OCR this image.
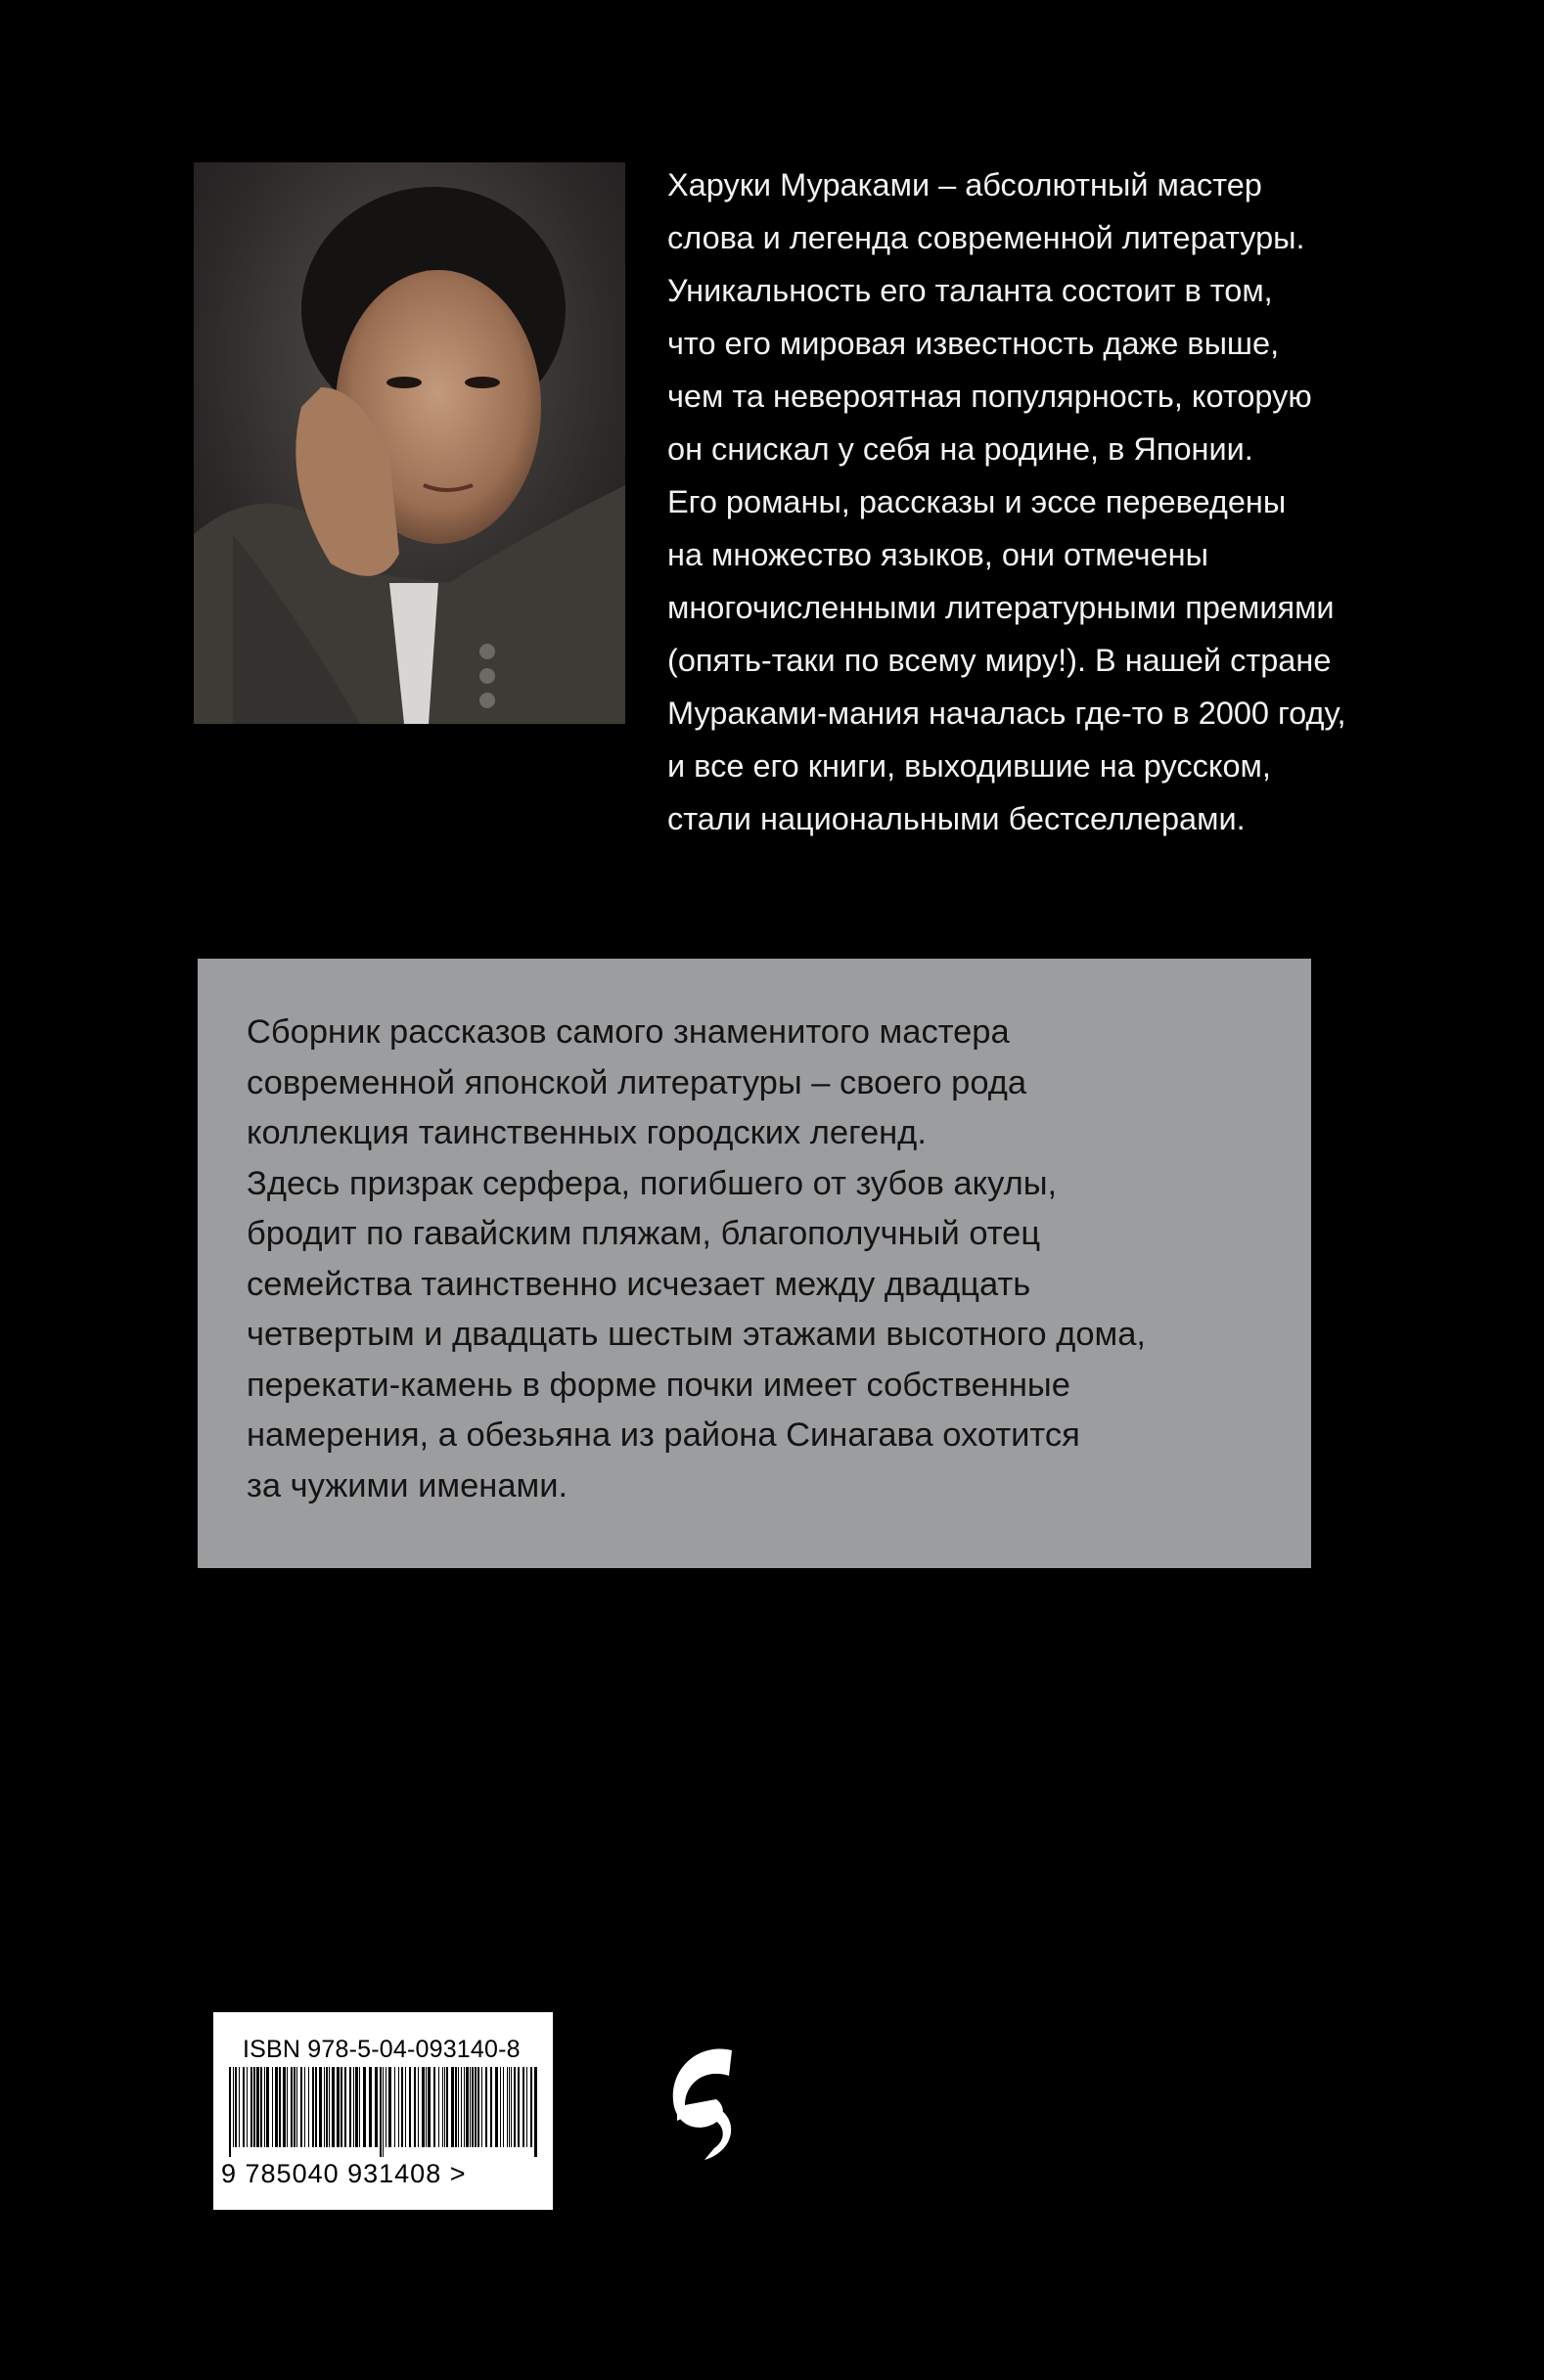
Харуки Мураками – абсолютный мастер
слова и легенда современной литературы.
Уникальность его таланта состоит в том,
что его мировая известность даже выше,
чем та невероятная популярность, которую
он снискал у себя на родине, в Японии.
Его романы, рассказы и эссе переведены
на множество языков, они отмечены
многочисленными литературными премиями
(опять-таки по всему миру!). В нашей стране
Мураками-мания началась где-то в 2000 году,
и все его книги, выходившие на русском,
стали национальными бестселлерами.
Сборник рассказов самого знаменитого мастера
современной японской литературы – своего рода
коллекция таинственных городских легенд.
Здесь призрак серфера, погибшего от зубов акулы,
бродит по гавайским пляжам, благополучный отец
семейства таинственно исчезает между двадцать
четвертым и двадцать шестым этажами высотного дома,
перекати-камень в форме почки имеет собственные
намерения, а обезьяна из района Синагава охотится
за чужими именами.
ISBN 978-5-04-093140-8
9 785040 931408 >
